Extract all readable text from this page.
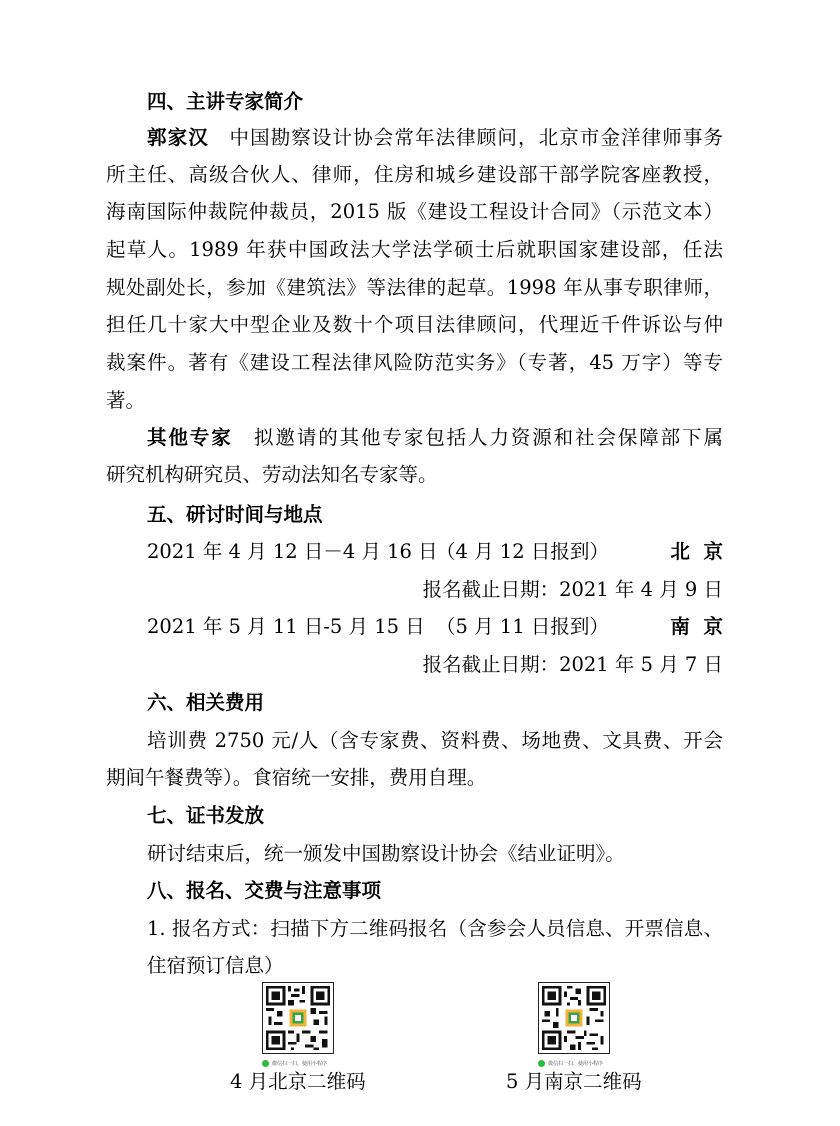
四、主讲专家简介
郭家汉　 中国勘察设计协会常年法律顾问，北京市金洋律师事务
所主任、高级合伙人、律师，住房和城乡建设部干部学院客座教授，
海南国际仲裁院仲裁员，2015 版《建设工程设计合同》（示范文本）
起草人。1989 年获中国政法大学法学硕士后就职国家建设部，任法
规处副处长，参加《建筑法》等法律的起草。1998 年从事专职律师，
担任几十家大中型企业及数十个项目法律顾问，代理近千件诉讼与仲
裁案件。著有《建设工程法律风险防范实务》（专著，45 万字）等专
著。
其他专家　 拟邀请的其他专家包括人力资源和社会保障部下属
研究机构研究员、劳动法知名专家等。
五、研讨时间与地点
2021 年 4 月 12 日－4 月 16 日
（4 月 12 日报到）	北  京
报名截止日期：2021 年 4 月 9 日
2021 年 5 月 11 日-5 月 15 日 （5 月 11 日报到）	南  京
报名截止日期：2021 年 5 月 7 日
六、相关费用
培训费 2750 元/人（含专家费、资料费、场地费、文具费、开会
期间午餐费等）。食宿统一安排，费用自理。
七、证书发放
研讨结束后，统一颁发中国勘察设计协会《结业证明》。
八、报名、交费与注意事项
1. 报名方式：扫描下方二维码报名（含参会人员信息、开票信息、
住宿预订信息）
微信扫一扫，使用小程序	微信扫一扫，使用小程序
4 月北京二维码	5 月南京二维码
